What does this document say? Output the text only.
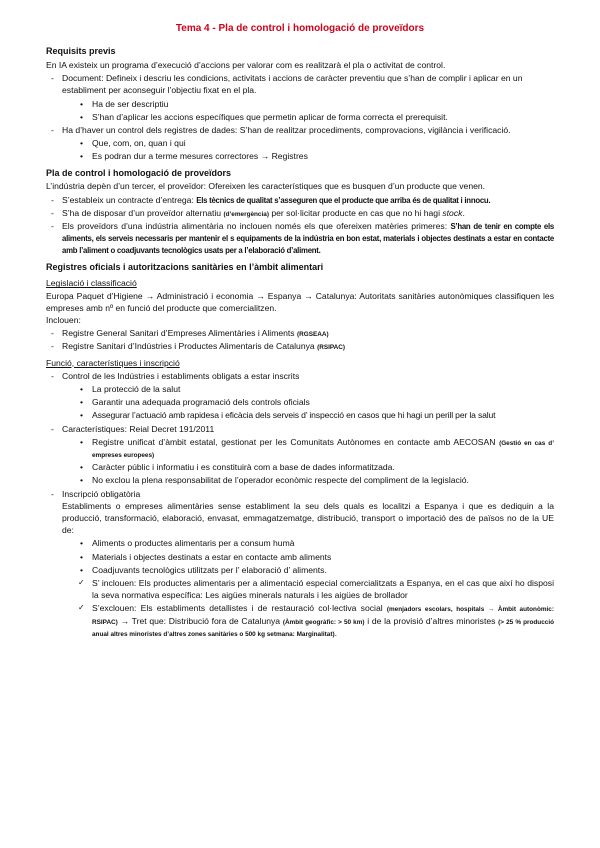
Tema 4 - Pla de control i homologació de proveïdors
Requisits previs

En IA existeix un programa d’execució d’accions per valorar com es realitzarà el pla o activitat de control.

- Document: Defineix i descriu les condicions, activitats i accions de caràcter preventiu que s’han de complir i aplicar en un establiment per aconseguir l’objectiu fixat en el pla.
• Ha de ser descriptiu
• S’han d’aplicar les accions específiques que permetin aplicar de forma correcta el prerequisit.
- Ha d’haver un control dels registres de dades: S’han de realitzar procediments, comprovacions, vigilància i verificació.
• Que, com, on, quan i qui
• Es podran dur a terme mesures correctores → Registres
Pla de control i homologació de proveïdors

L’indústria depèn d’un tercer, el proveïdor: Ofereixen les característiques que es busquen d’un producte que venen.

- S’estableix un contracte d’entrega: Els tècnics de qualitat s’asseguren que el producte que arriba és de qualitat i innocu.
- S’ha de disposar d’un proveïdor alternatiu (d’emergència) per sol·licitar producte en cas que no hi hagi stock.
- Els proveïdors d’una indústria alimentària no inclouen només els que ofereixen matèries primeres: S’han de tenir en compte els aliments, els serveis necessaris per mantenir el s equipaments de la indústria en bon estat, materials i objectes destinats a estar en contacte amb l’aliment o coadjuvants tecnològics usats per a l’elaboració d’aliment.
Registres oficials i autoritzacions sanitàries en l’àmbit alimentari

Legislació i classificació

Europa Paquet d’Higiene → Administració i economia → Espanya → Catalunya: Autoritats sanitàries autonòmiques classifiquen les empreses amb nº en funció del producte que comercialitzen.

Inclouen:

- Registre General Sanitari d’Empreses Alimentàries i Aliments (RGSEAA)
- Registre Sanitari d’Indústries i Productes Alimentaris de Catalunya (RSIPAC)

Funció, característiques i inscripció

- Control de les Indústries i establiments obligats a estar inscrits
• La protecció de la salut
• Garantir una adequada programació dels controls oficials
• Assegurar l’actuació amb rapidesa i eficàcia dels serveis d’ inspecció en casos que hi hagi un perill per la salut
- Característiques: Reial Decret 191/2011
• Registre unificat d’àmbit estatal, gestionat per les Comunitats Autònomes en contacte amb AECOSAN (Gestió en cas d’ empreses europees)
• Caràcter públic i informatiu i es constituirà com a base de dades informatitzada.
• No exclou la plena responsabilitat de l’operador econòmic respecte del compliment de la legislació.
- Inscripció obligatòria

Establiments o empreses alimentàries sense establiment la seu dels quals es localitzi a Espanya i que es dediquin a la producció, transformació, elaboració, envasat, emmagatzematge, distribució, transport o importació des de països no de la UE de:

• Aliments o productes alimentaris per a consum humà
• Materials i objectes destinats a estar en contacte amb aliments
• Coadjuvants tecnològics utilitzats per l’ elaboració d’ aliments.
✓ S’ inclouen: Els productes alimentaris per a alimentació especial comercialitzats a Espanya, en el cas que així ho disposi la seva normativa específica: Les aigües minerals naturals i les aigües de brollador
✓ S’exclouen: Els establiments detallistes i de restauració col·lectiva social (menjadors escolars, hospitals → Àmbit autonòmic: RSIPAC) → Tret que: Distribució fora de Catalunya (Àmbit geogràfic: > 50 km) i de la provisió d’altres minoristes (> 25 % producció anual altres minoristes d’altres zones sanitàries o 500 kg setmana: Marginalitat).
